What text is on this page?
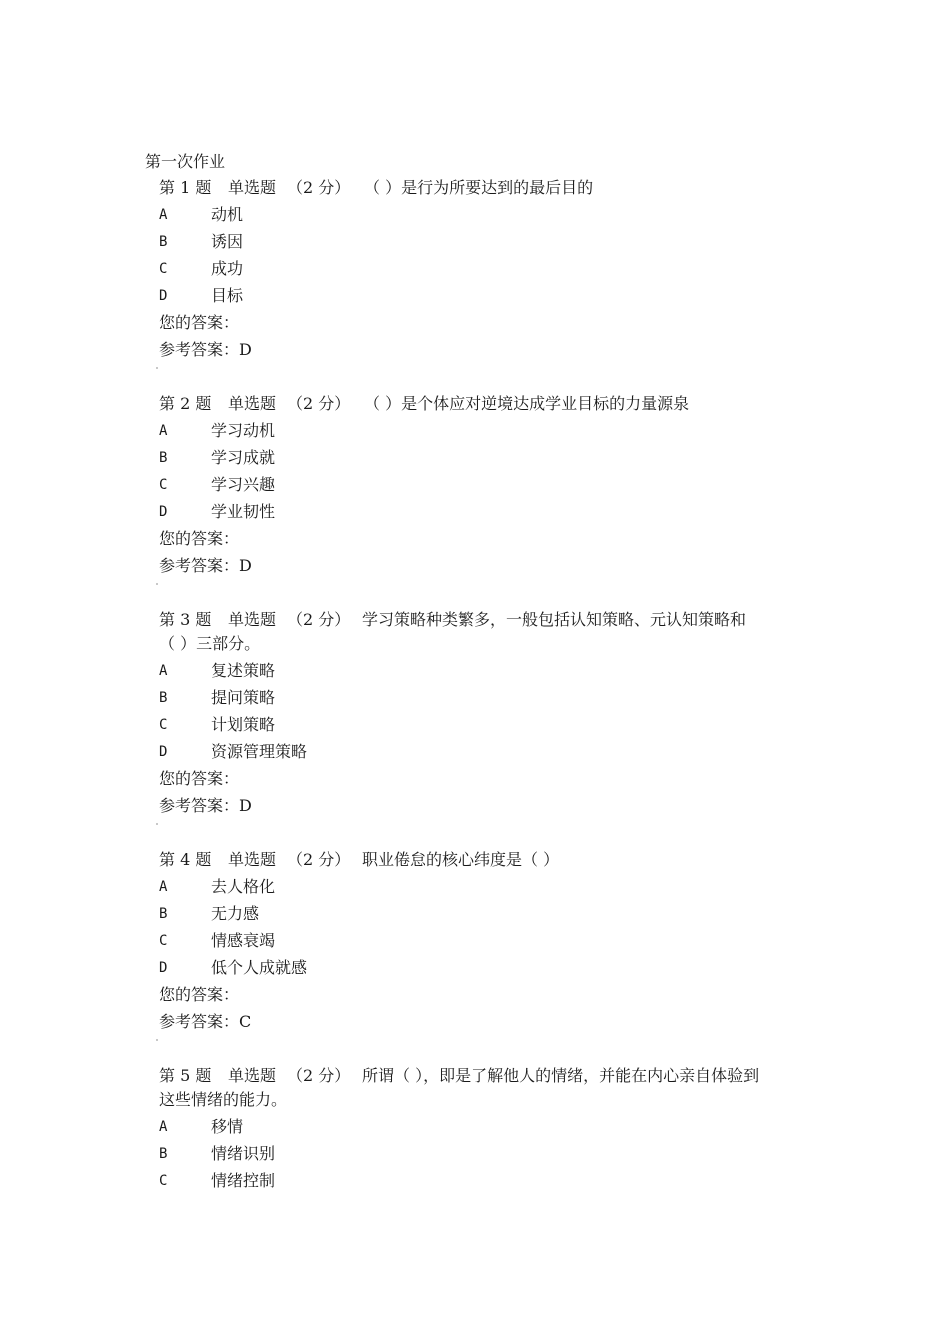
第一次作业
第 1 题 单选题 （2 分） （ ）是行为所要达到的最后目的
A	动机
B	诱因
C	成功
D	目标
您的答案：
参考答案：D
第 2 题 单选题 （2 分） （ ）是个体应对逆境达成学业目标的力量源泉
A	学习动机
B	学习成就
C	学习兴趣
D	学业韧性
您的答案：
参考答案：D
第 3 题 单选题 （2 分） 学习策略种类繁多，一般包括认知策略、元认知策略和
（ ）三部分。
A	复述策略
B	提问策略
C	计划策略
D	资源管理策略
您的答案：
参考答案：D
第 4 题 单选题 （2 分） 职业倦怠的核心纬度是（ ）
A	去人格化
B	无力感
C	情感衰竭
D	低个人成就感
您的答案：
参考答案：C
第 5 题 单选题 （2 分） 所谓（ ），即是了解他人的情绪，并能在内心亲自体验到
这些情绪的能力。
A	移情
B	情绪识别
C	情绪控制
